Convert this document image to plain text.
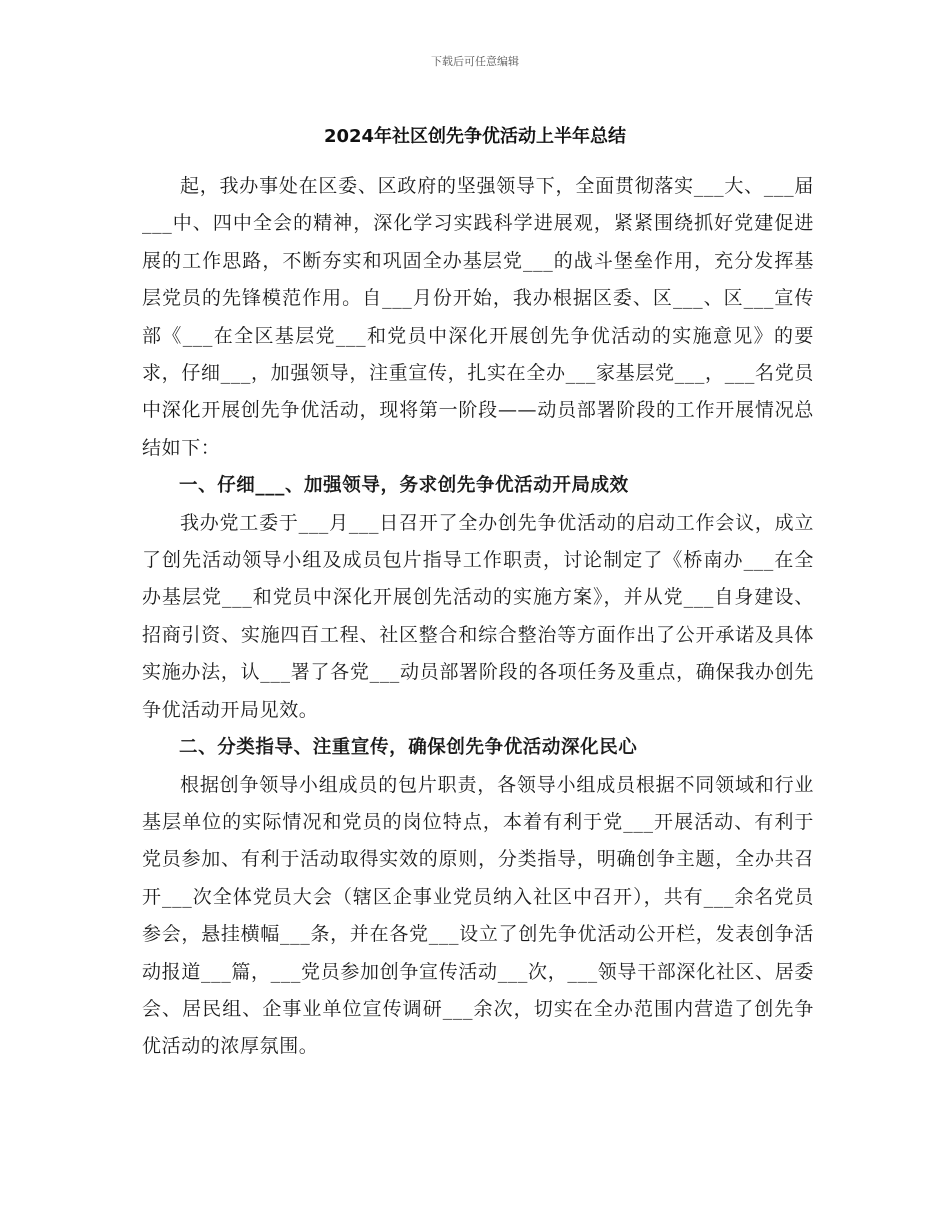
下载后可任意编辑
2024年社区创先争优活动上半年总结

起，我办事处在区委、区政府的坚强领导下，全面贯彻落实___大、___届___中、四中全会的精神，深化学习实践科学进展观，紧紧围绕抓好党建促进展的工作思路，不断夯实和巩固全办基层党___的战斗堡垒作用，充分发挥基层党员的先锋模范作用。自___月份开始，我办根据区委、区___、区___宣传部《___在全区基层党___和党员中深化开展创先争优活动的实施意见》的要求，仔细___，加强领导，注重宣传，扎实在全办___家基层党___，___名党员中深化开展创先争优活动，现将第一阶段——动员部署阶段的工作开展情况总结如下：

一、仔细___、加强领导，务求创先争优活动开局成效

我办党工委于___月___日召开了全办创先争优活动的启动工作会议，成立了创先活动领导小组及成员包片指导工作职责，讨论制定了《桥南办___在全办基层党___和党员中深化开展创先活动的实施方案》，并从党___自身建设、招商引资、实施四百工程、社区整合和综合整治等方面作出了公开承诺及具体实施办法，认___署了各党___动员部署阶段的各项任务及重点，确保我办创先争优活动开局见效。

二、分类指导、注重宣传，确保创先争优活动深化民心

根据创争领导小组成员的包片职责，各领导小组成员根据不同领域和行业基层单位的实际情况和党员的岗位特点，本着有利于党___开展活动、有利于党员参加、有利于活动取得实效的原则，分类指导，明确创争主题，全办共召开___次全体党员大会（辖区企事业党员纳入社区中召开），共有___余名党员参会，悬挂横幅___条，并在各党___设立了创先争优活动公开栏，发表创争活动报道___篇，___党员参加创争宣传活动___次，___领导干部深化社区、居委会、居民组、企事业单位宣传调研___余次，切实在全办范围内营造了创先争优活动的浓厚氛围。
